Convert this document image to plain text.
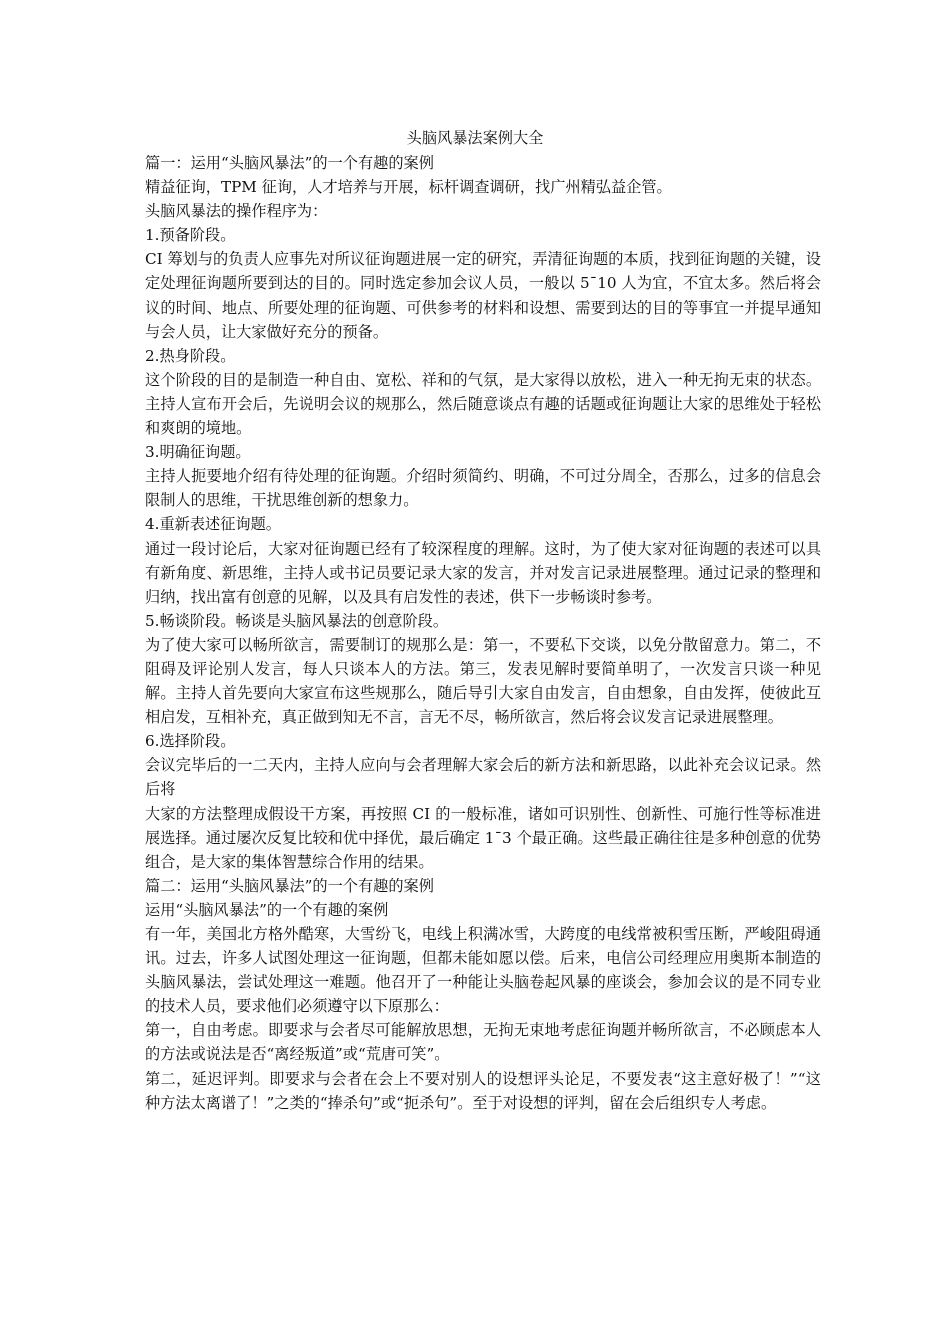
头脑风暴法案例大全

篇一：运用“头脑风暴法”的一个有趣的案例

精益征询，TPM 征询，人才培养与开展，标杆调查调研，找广州精弘益企管。

头脑风暴法的操作程序为：

1.预备阶段。

CI 筹划与的负责人应事先对所议征询题进展一定的研究，弄清征询题的本质，找到征询题的关键，设定处理征询题所要到达的目的。同时选定参加会议人员，一般以 5¯10 人为宜，不宜太多。然后将会议的时间、地点、所要处理的征询题、可供参考的材料和设想、需要到达的目的等事宜一并提早通知与会人员，让大家做好充分的预备。

2.热身阶段。

这个阶段的目的是制造一种自由、宽松、祥和的气氛，是大家得以放松，进入一种无拘无束的状态。主持人宣布开会后，先说明会议的规那么，然后随意谈点有趣的话题或征询题让大家的思维处于轻松和爽朗的境地。

3.明确征询题。

主持人扼要地介绍有待处理的征询题。介绍时须简约、明确，不可过分周全，否那么，过多的信息会限制人的思维，干扰思维创新的想象力。

4.重新表述征询题。

通过一段讨论后，大家对征询题已经有了较深程度的理解。这时，为了使大家对征询题的表述可以具有新角度、新思维，主持人或书记员要记录大家的发言，并对发言记录进展整理。通过记录的整理和归纳，找出富有创意的见解，以及具有启发性的表述，供下一步畅谈时参考。

5.畅谈阶段。畅谈是头脑风暴法的创意阶段。

为了使大家可以畅所欲言，需要制订的规那么是：第一，不要私下交谈，以免分散留意力。第二，不阻碍及评论别人发言，每人只谈本人的方法。第三，发表见解时要简单明了，一次发言只谈一种见解。主持人首先要向大家宣布这些规那么，随后导引大家自由发言，自由想象，自由发挥，使彼此互相启发，互相补充，真正做到知无不言，言无不尽，畅所欲言，然后将会议发言记录进展整理。

6.选择阶段。

会议完毕后的一二天内，主持人应向与会者理解大家会后的新方法和新思路，以此补充会议记录。然后将

大家的方法整理成假设干方案，再按照 CI 的一般标准，诸如可识别性、创新性、可施行性等标准进展选择。通过屡次反复比较和优中择优，最后确定 1¯3 个最正确。这些最正确往往是多种创意的优势组合，是大家的集体智慧综合作用的结果。

篇二：运用“头脑风暴法”的一个有趣的案例

运用“头脑风暴法”的一个有趣的案例

有一年，美国北方格外酷寒，大雪纷飞，电线上积满冰雪，大跨度的电线常被积雪压断，严峻阻碍通讯。过去，许多人试图处理这一征询题，但都未能如愿以偿。后来，电信公司经理应用奥斯本制造的头脑风暴法，尝试处理这一难题。他召开了一种能让头脑卷起风暴的座谈会，参加会议的是不同专业的技术人员，要求他们必须遵守以下原那么：

第一，自由考虑。即要求与会者尽可能解放思想，无拘无束地考虑征询题并畅所欲言，不必顾虑本人的方法或说法是否“离经叛道”或“荒唐可笑”。

第二，延迟评判。即要求与会者在会上不要对别人的设想评头论足，不要发表“这主意好极了！”“这种方法太离谱了！”之类的“捧杀句”或“扼杀句”。至于对设想的评判，留在会后组织专人考虑。
